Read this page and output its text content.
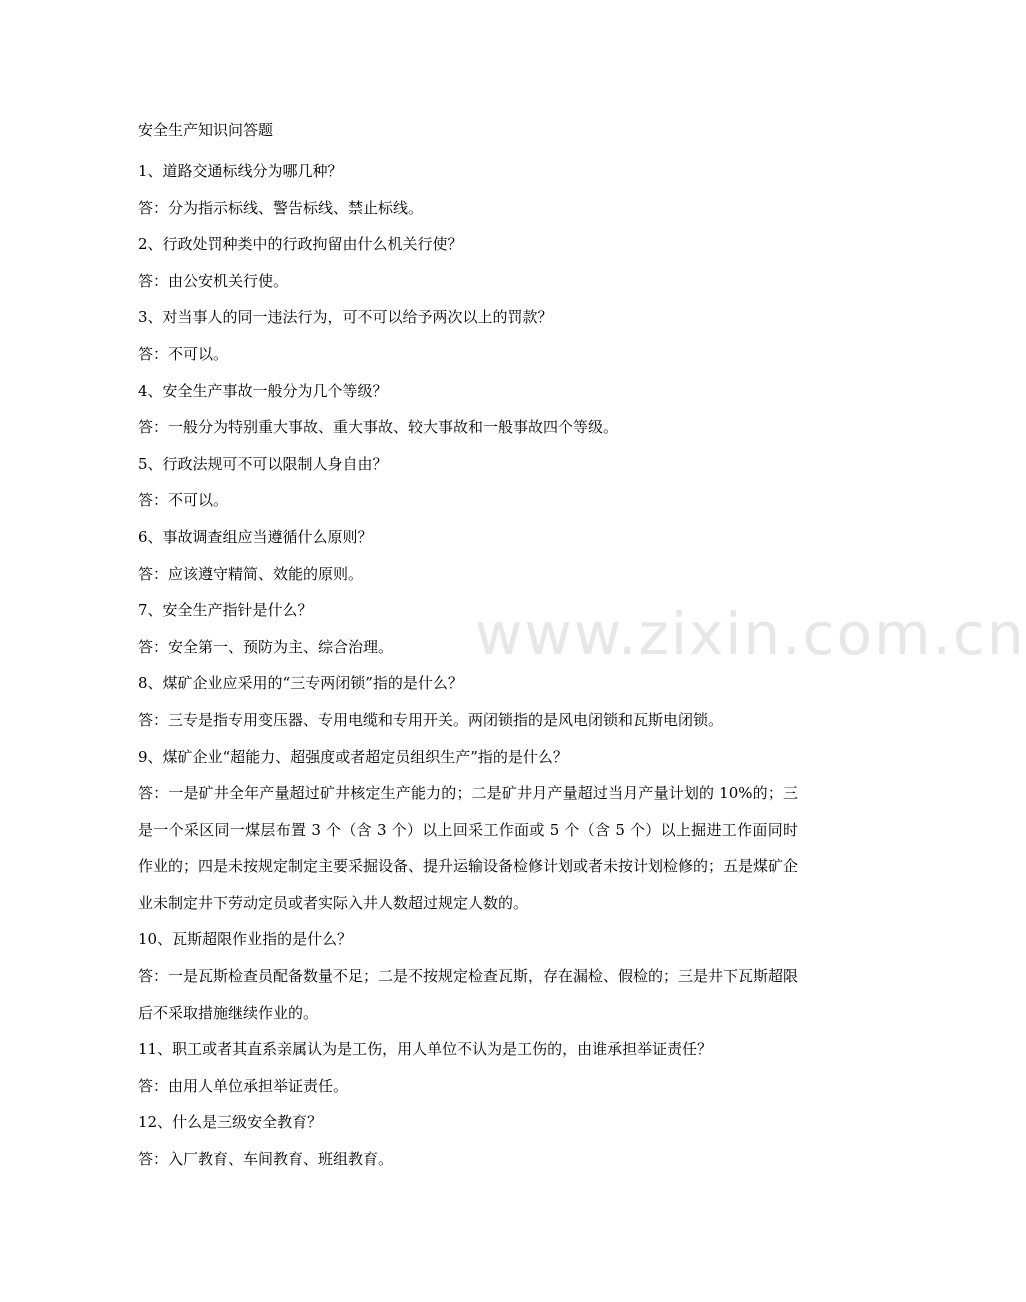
安全生产知识问答题

1、道路交通标线分为哪几种？

答：分为指示标线、警告标线、禁止标线。

2、行政处罚种类中的行政拘留由什么机关行使？

答：由公安机关行使。

3、对当事人的同一违法行为，可不可以给予两次以上的罚款？

答：不可以。

4、安全生产事故一般分为几个等级？

答：一般分为特别重大事故、重大事故、较大事故和一般事故四个等级。

5、行政法规可不可以限制人身自由？

答：不可以。

6、事故调查组应当遵循什么原则？

答：应该遵守精简、效能的原则。

7、安全生产指针是什么？

答：安全第一、预防为主、综合治理。

8、煤矿企业应采用的“三专两闭锁”指的是什么？

答：三专是指专用变压器、专用电缆和专用开关。两闭锁指的是风电闭锁和瓦斯电闭锁。

9、煤矿企业“超能力、超强度或者超定员组织生产”指的是什么？

答：一是矿井全年产量超过矿井核定生产能力的；二是矿井月产量超过当月产量计划的 10%的；三是一个采区同一煤层布置 3 个（含 3 个）以上回采工作面或 5 个（含 5 个）以上掘进工作面同时作业的；四是未按规定制定主要采掘设备、提升运输设备检修计划或者未按计划检修的；五是煤矿企业未制定井下劳动定员或者实际入井人数超过规定人数的。

10、瓦斯超限作业指的是什么？

答：一是瓦斯检查员配备数量不足；二是不按规定检查瓦斯，存在漏检、假检的；三是井下瓦斯超限后不采取措施继续作业的。

11、职工或者其直系亲属认为是工伤，用人单位不认为是工伤的，由谁承担举证责任？

答：由用人单位承担举证责任。

12、什么是三级安全教育？

答：入厂教育、车间教育、班组教育。

www.zixin.com.cn
